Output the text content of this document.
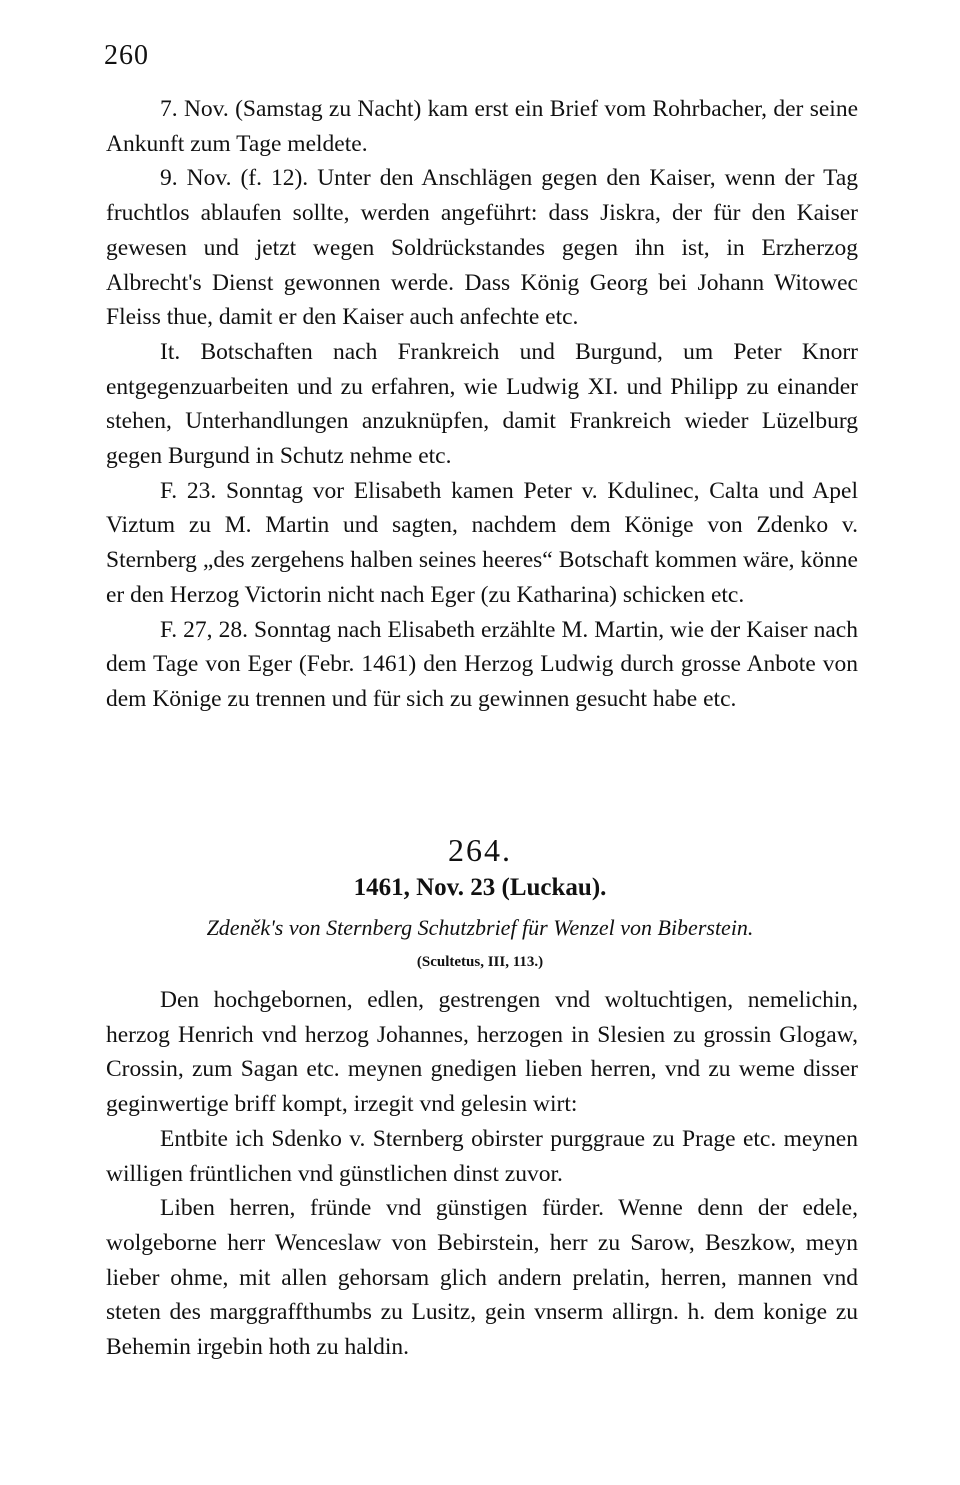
260

7. Nov. (Samstag zu Nacht) kam erst ein Brief vom Rohrbacher, der seine Ankunft zum Tage meldete.

9. Nov. (f. 12). Unter den Anschlägen gegen den Kaiser, wenn der Tag fruchtlos ablaufen sollte, werden angeführt: dass Jiskra, der für den Kaiser gewesen und jetzt wegen Soldrückstandes gegen ihn ist, in Erzherzog Albrecht's Dienst gewonnen werde. Dass König Georg bei Johann Witowec Fleiss thue, damit er den Kaiser auch anfechte etc.

It. Botschaften nach Frankreich und Burgund, um Peter Knorr entgegenzuarbeiten und zu erfahren, wie Ludwig XI. und Philipp zu einander stehen, Unterhandlungen anzuknüpfen, damit Frankreich wieder Lüzelburg gegen Burgund in Schutz nehme etc.

F. 23. Sonntag vor Elisabeth kamen Peter v. Kdulinec, Calta und Apel Viztum zu M. Martin und sagten, nachdem dem Könige von Zdenko v. Sternberg „des zergehens halben seines heeres“ Botschaft kommen wäre, könne er den Herzog Victorin nicht nach Eger (zu Katharina) schicken etc.

F. 27, 28. Sonntag nach Elisabeth erzählte M. Martin, wie der Kaiser nach dem Tage von Eger (Febr. 1461) den Herzog Ludwig durch grosse Anbote von dem Könige zu trennen und für sich zu gewinnen gesucht habe etc.

264.
1461, Nov. 23 (Luckau).
Zdeněk's von Sternberg Schutzbrief für Wenzel von Biberstein.
(Scultetus, III, 113.)

Den hochgebornen, edlen, gestrengen vnd woltuchtigen, nemelichin, herzog Henrich vnd herzog Johannes, herzogen in Slesien zu grossin Glogaw, Crossin, zum Sagan etc. meynen gnedigen lieben herren, vnd zu weme disser geginwertige briff kompt, irzegit vnd gelesin wirt:

Entbite ich Sdenko v. Sternberg obirster purggraue zu Prage etc. meynen willigen früntlichen vnd günstlichen dinst zuvor.

Liben herren, fründe vnd günstigen fürder. Wenne denn der edele, wolgeborne herr Wenceslaw von Bebirstein, herr zu Sarow, Beszkow, meyn lieber ohme, mit allen gehorsam glich andern prelatin, herren, mannen vnd steten des marggraffthumbs zu Lusitz, gein vnserm allirgn. h. dem konige zu Behemin irgebin hoth zu haldin.
